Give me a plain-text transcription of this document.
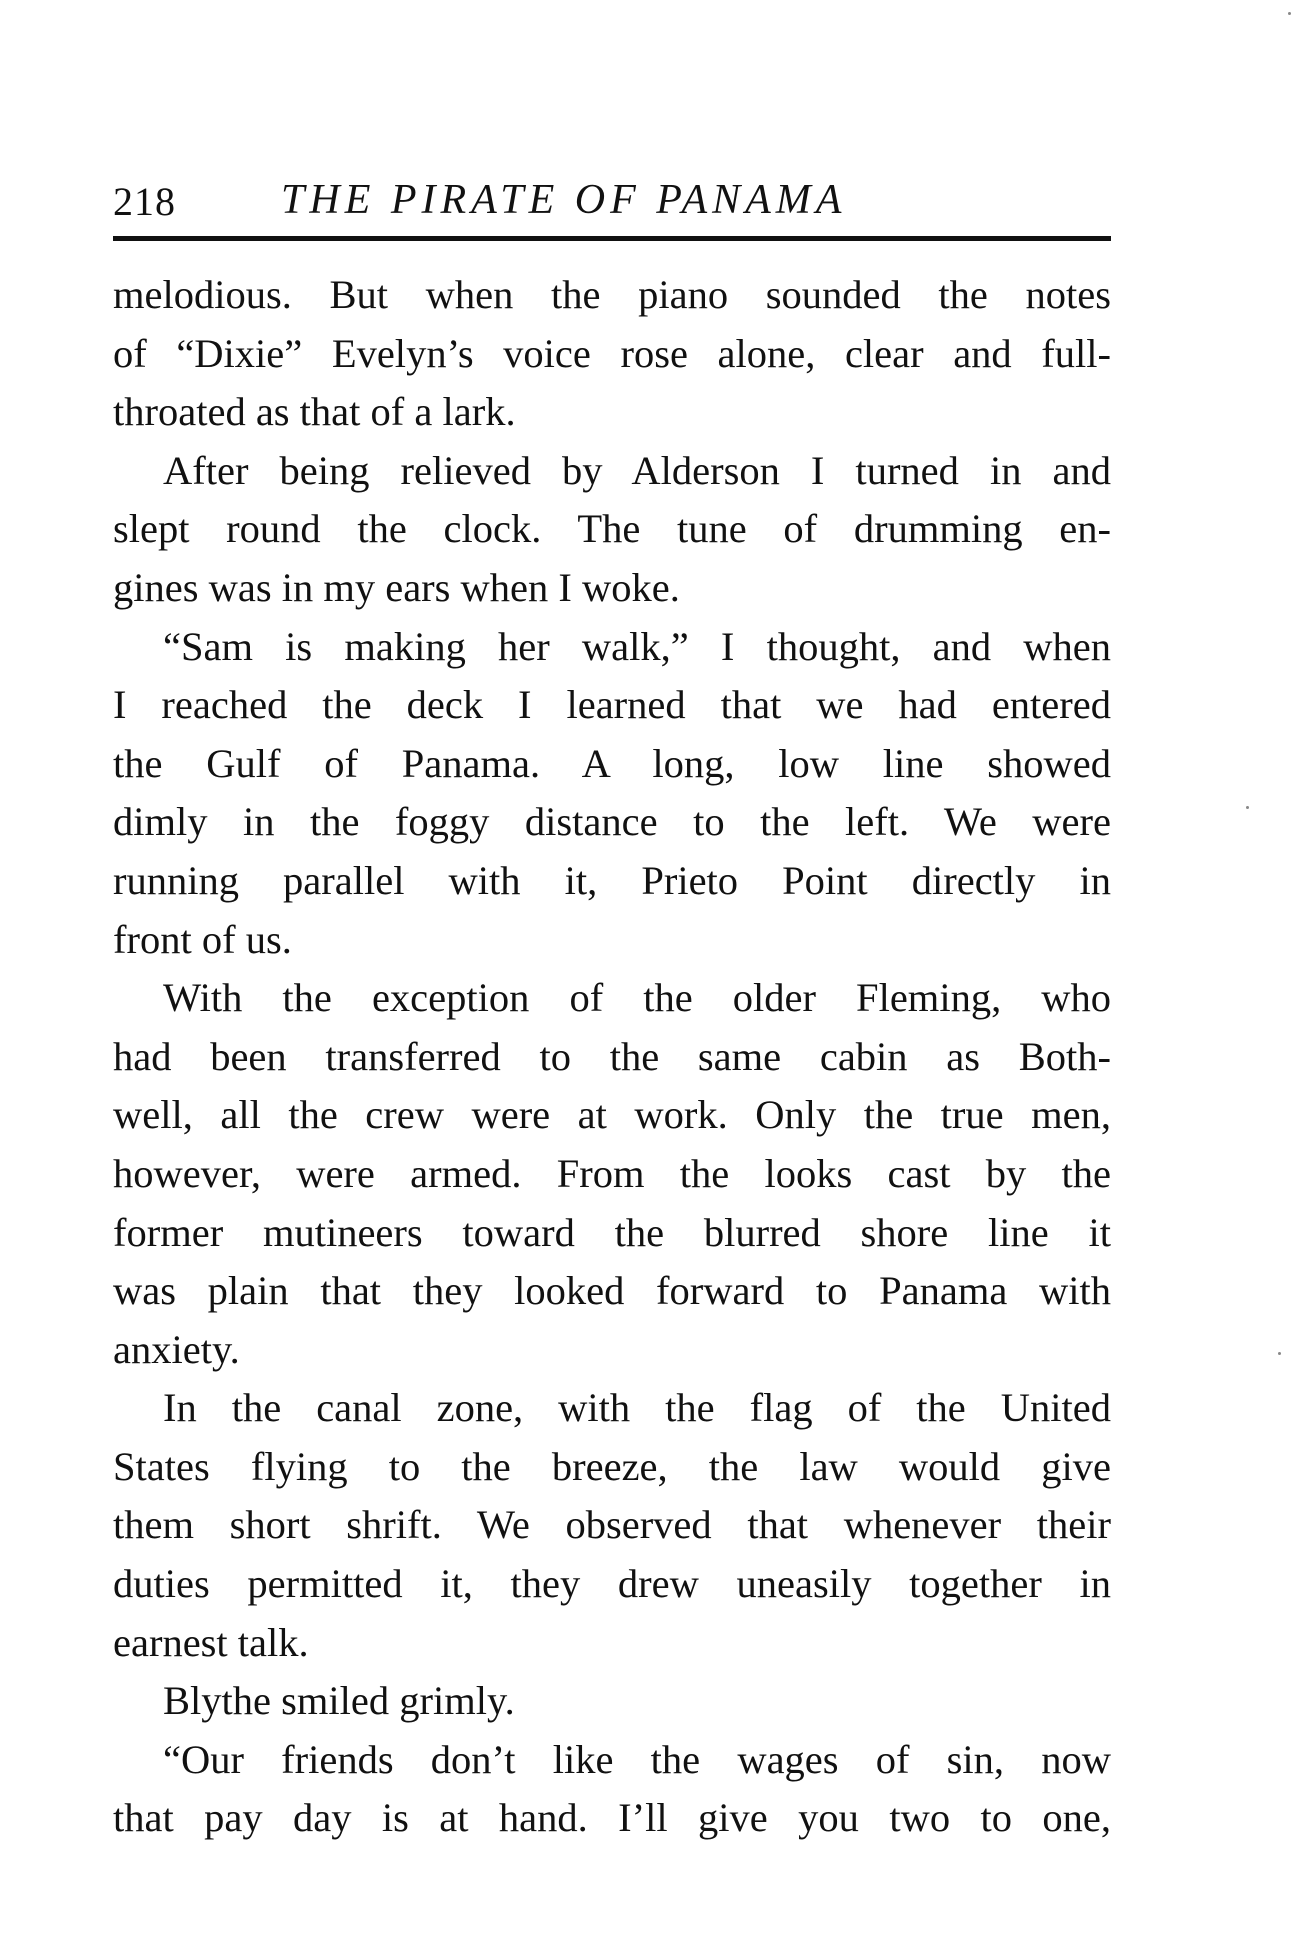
218	THE PIRATE OF PANAMA
melodious. But when the piano sounded the notes
of “Dixie” Evelyn’s voice rose alone, clear and full-
throated as that of a lark.
After being relieved by Alderson I turned in and
slept round the clock. The tune of drumming en-
gines was in my ears when I woke.
“Sam is making her walk,” I thought, and when
I reached the deck I learned that we had entered
the Gulf of Panama. A long, low line showed
dimly in the foggy distance to the left. We were
running parallel with it, Prieto Point directly in
front of us.
With the exception of the older Fleming, who
had been transferred to the same cabin as Both-
well, all the crew were at work. Only the true men,
however, were armed. From the looks cast by the
former mutineers toward the blurred shore line it
was plain that they looked forward to Panama with
anxiety.
In the canal zone, with the flag of the United
States flying to the breeze, the law would give
them short shrift. We observed that whenever their
duties permitted it, they drew uneasily together in
earnest talk.
Blythe smiled grimly.
“Our friends don’t like the wages of sin, now
that pay day is at hand. I’ll give you two to one,
